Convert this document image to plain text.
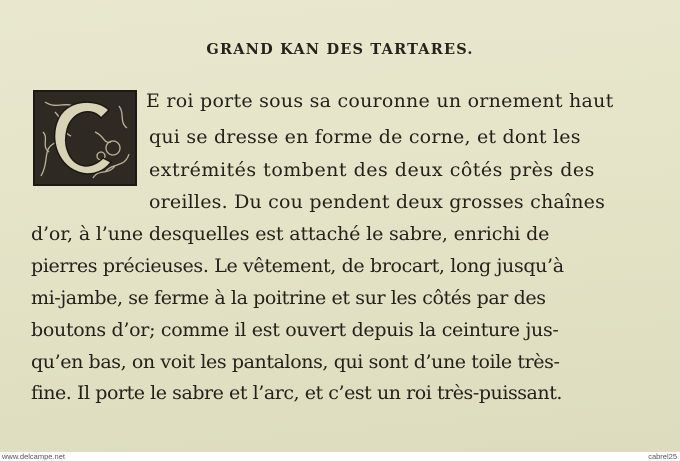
GRAND KAN DES TARTARES.
E roi porte sous sa couronne un ornement haut
qui se dresse en forme de corne, et dont les
extrémités tombent des deux côtés près des
oreilles. Du cou pendent deux grosses chaînes
d’or, à l’une desquelles est attaché le sabre, enrichi de
pierres précieuses. Le vêtement, de brocart, long jusqu’à
mi-jambe, se ferme à la poitrine et sur les côtés par des
boutons d’or; comme il est ouvert depuis la ceinture jus-
qu’en bas, on voit les pantalons, qui sont d’une toile très-
fine. Il porte le sabre et l’arc, et c’est un roi très-puissant.
www.delcampe.net	cabrel25
